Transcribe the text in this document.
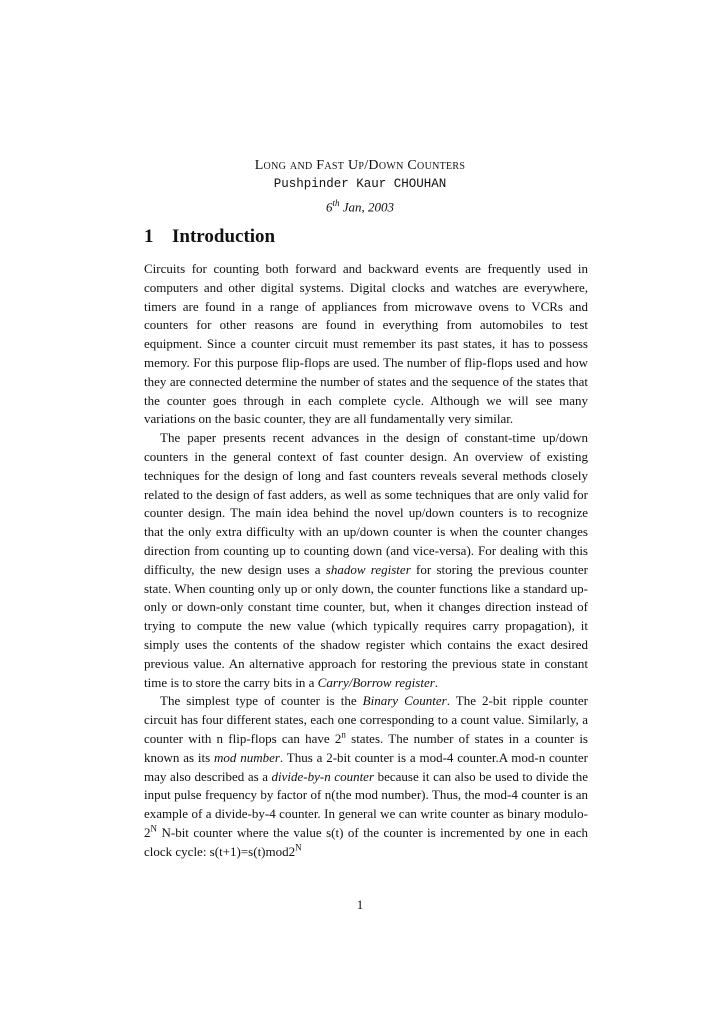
Long and Fast Up/Down Counters
Pushpinder Kaur CHOUHAN
6th Jan, 2003
1 Introduction

Circuits for counting both forward and backward events are frequently used in computers and other digital systems. Digital clocks and watches are everywhere, timers are found in a range of appliances from microwave ovens to VCRs and counters for other reasons are found in everything from automobiles to test equipment. Since a counter circuit must remember its past states, it has to possess memory. For this purpose flip-flops are used. The number of flip-flops used and how they are connected determine the number of states and the sequence of the states that the counter goes through in each complete cycle. Although we will see many variations on the basic counter, they are all fundamentally very similar.

The paper presents recent advances in the design of constant-time up/down counters in the general context of fast counter design. An overview of existing techniques for the design of long and fast counters reveals several methods closely related to the design of fast adders, as well as some techniques that are only valid for counter design. The main idea behind the novel up/down counters is to recognize that the only extra difficulty with an up/down counter is when the counter changes direction from counting up to counting down (and vice-versa). For dealing with this difficulty, the new design uses a shadow register for storing the previous counter state. When counting only up or only down, the counter functions like a standard up-only or down-only constant time counter, but, when it changes direction instead of trying to compute the new value (which typically requires carry propagation), it simply uses the contents of the shadow register which contains the exact desired previous value. An alternative approach for restoring the previous state in constant time is to store the carry bits in a Carry/Borrow register.

The simplest type of counter is the Binary Counter. The 2-bit ripple counter circuit has four different states, each one corresponding to a count value. Similarly, a counter with n flip-flops can have 2$^n$ states. The number of states in a counter is known as its mod number. Thus a 2-bit counter is a mod-4 counter.A mod-n counter may also described as a divide-by-n counter because it can also be used to divide the input pulse frequency by factor of n(the mod number). Thus, the mod-4 counter is an example of a divide-by-4 counter. In general we can write counter as binary modulo-$2^N$ N-bit counter where the value s(t) of the counter is incremented by one in each clock cycle: $s(t+1)=s(t)mod2^N$

1
